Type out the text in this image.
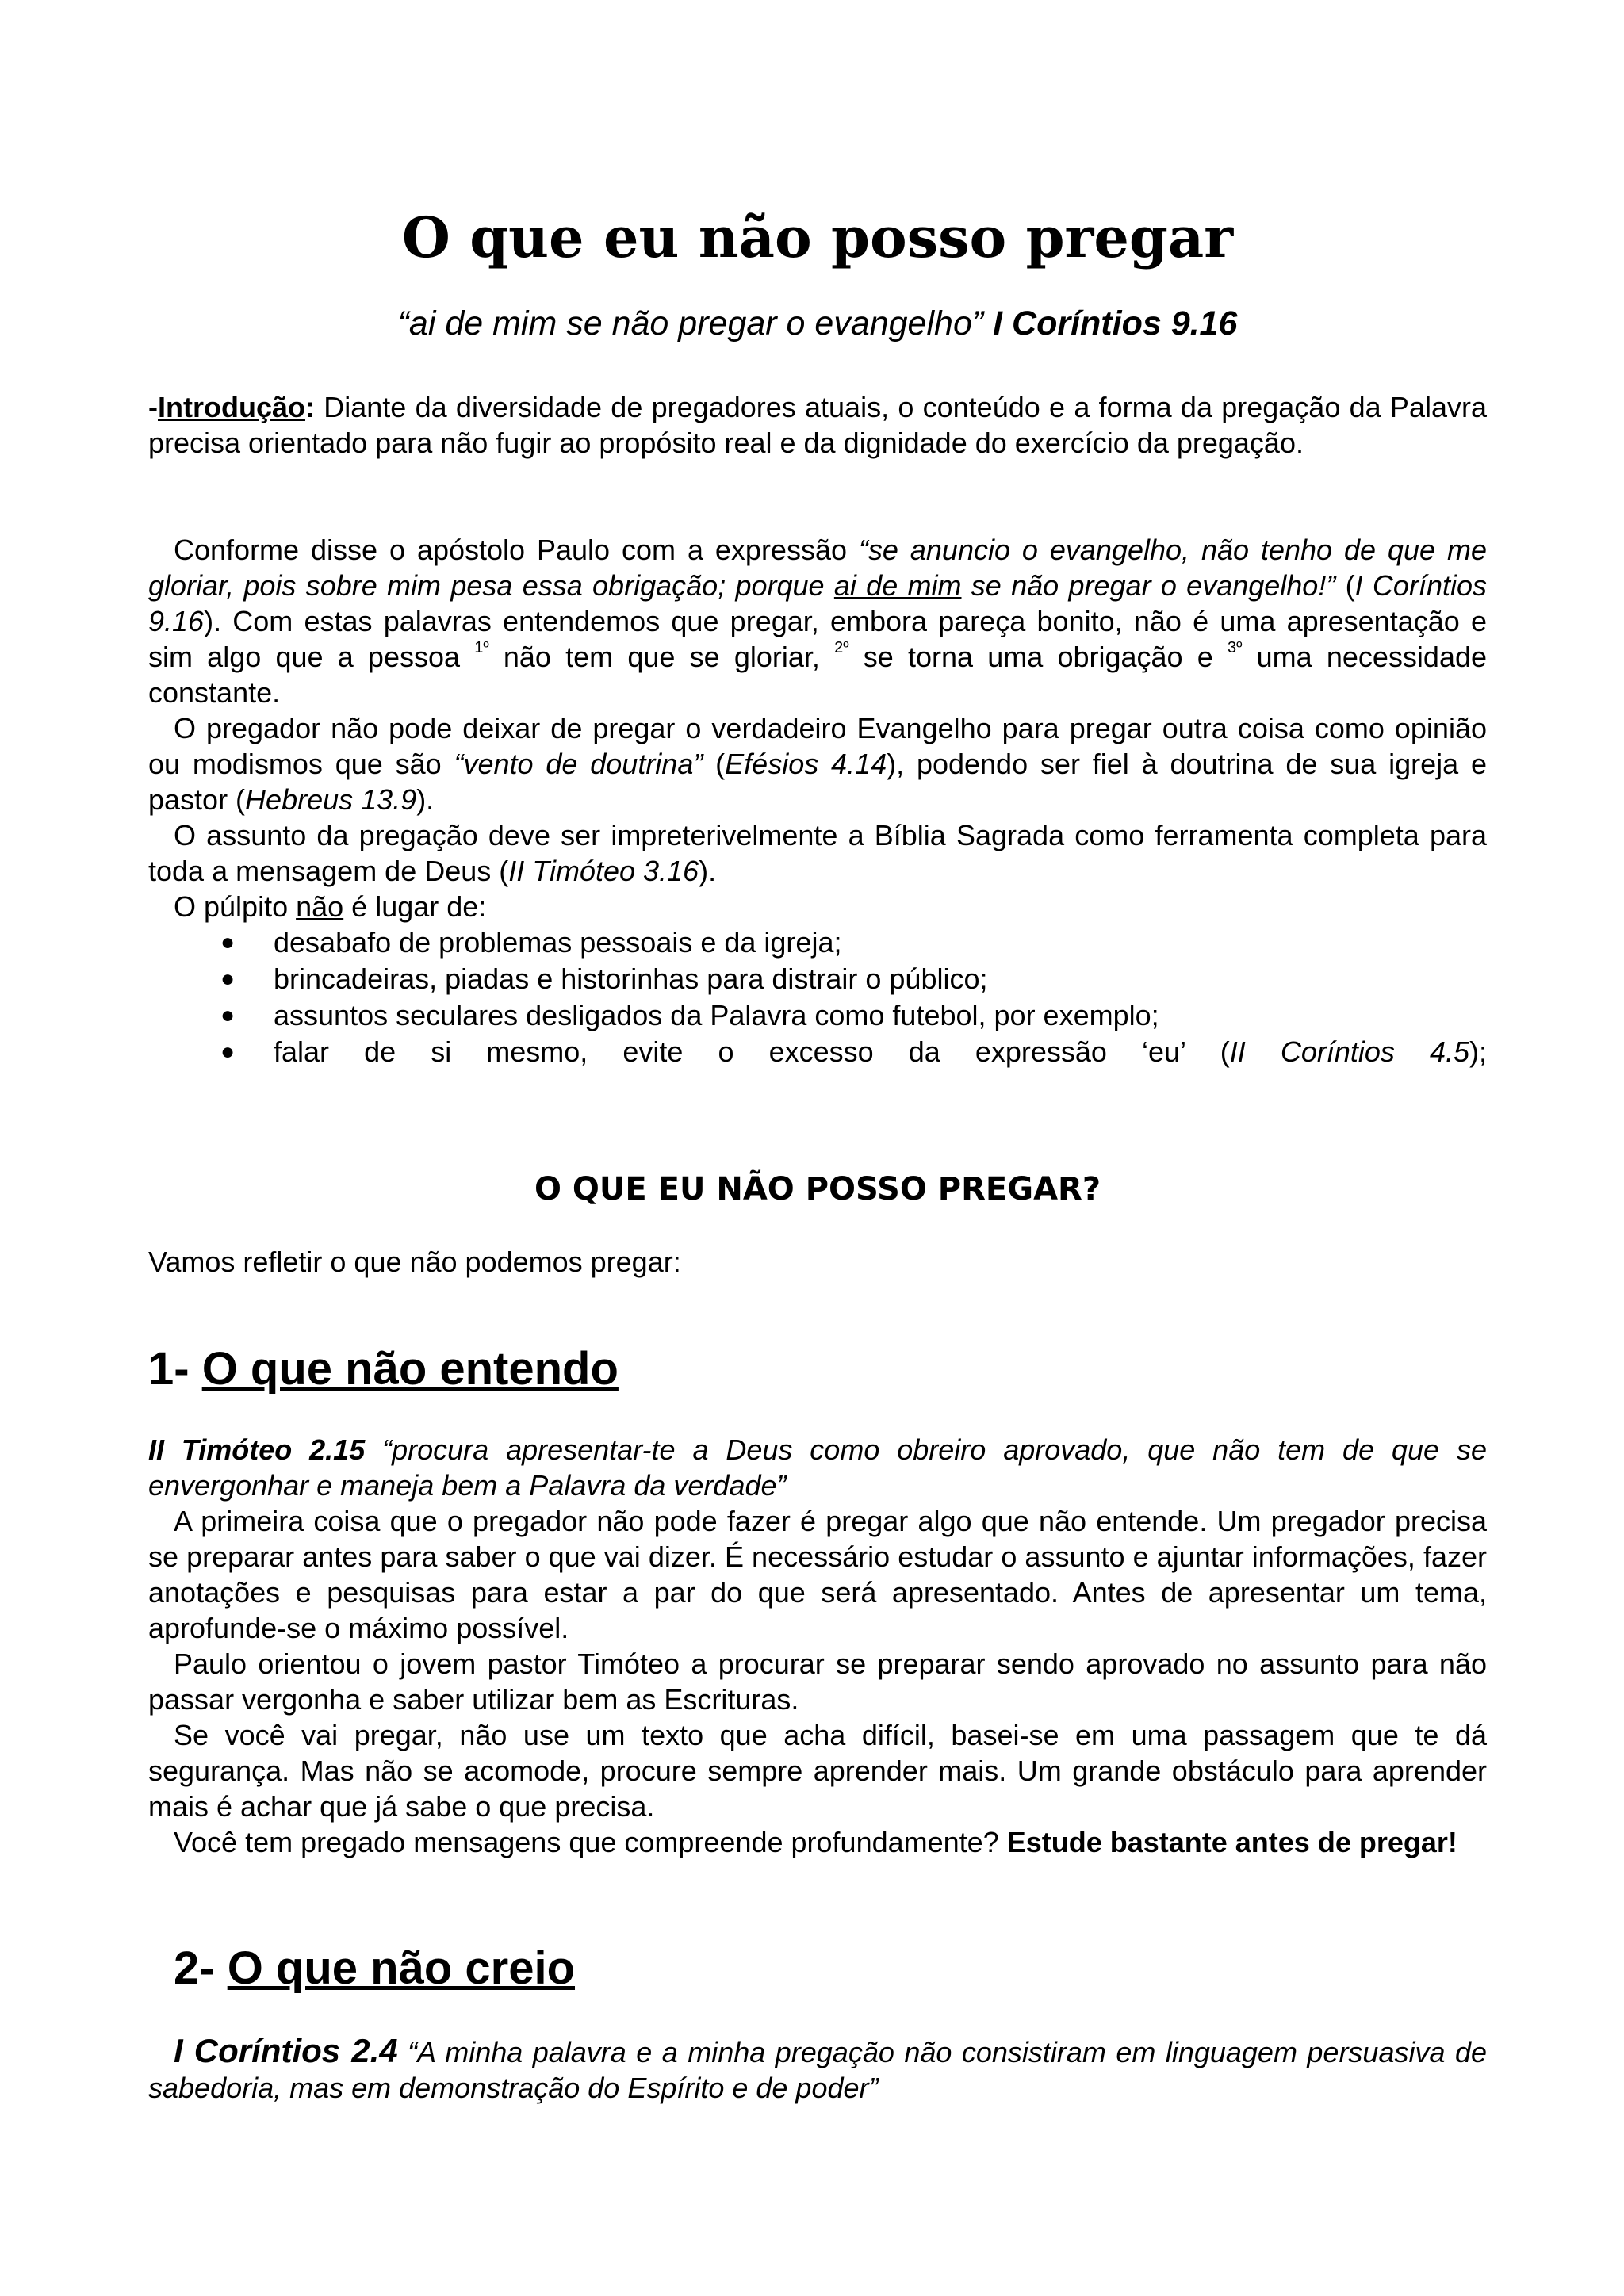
O que eu não posso pregar
“ai de mim se não pregar o evangelho” I Coríntios 9.16

-Introdução: Diante da diversidade de pregadores atuais, o conteúdo e a forma da pregação da Palavra precisa orientado para não fugir ao propósito real e da dignidade do exercício da pregação.

Conforme disse o apóstolo Paulo com a expressão “se anuncio o evangelho, não tenho de que me gloriar, pois sobre mim pesa essa obrigação; porque ai de mim se não pregar o evangelho!” (I Coríntios 9.16). Com estas palavras entendemos que pregar, embora pareça bonito, não é uma apresentação e sim algo que a pessoa $^{1º}$ não tem que se gloriar, $^{2º}$ se torna uma obrigação e $^{3º}$ uma necessidade constante.

O pregador não pode deixar de pregar o verdadeiro Evangelho para pregar outra coisa como opinião ou modismos que são “vento de doutrina” (Efésios 4.14), podendo ser fiel à doutrina de sua igreja e pastor (Hebreus 13.9).

O assunto da pregação deve ser impreterivelmente a Bíblia Sagrada como ferramenta completa para toda a mensagem de Deus (II Timóteo 3.16).

O púlpito não é lugar de:

● desabafo de problemas pessoais e da igreja;
● brincadeiras, piadas e historinhas para distrair o público;
● assuntos seculares desligados da Palavra como futebol, por exemplo;
● falar de si mesmo, evite o excesso da expressão ‘eu’ (II Coríntios 4.5);
O QUE EU NÃO POSSO PREGAR?

Vamos refletir o que não podemos pregar:

1- O que não entendo

II Timóteo 2.15 “procura apresentar-te a Deus como obreiro aprovado, que não tem de que se envergonhar e maneja bem a Palavra da verdade”

A primeira coisa que o pregador não pode fazer é pregar algo que não entende. Um pregador precisa se preparar antes para saber o que vai dizer. É necessário estudar o assunto e ajuntar informações, fazer anotações e pesquisas para estar a par do que será apresentado. Antes de apresentar um tema, aprofunde-se o máximo possível.

Paulo orientou o jovem pastor Timóteo a procurar se preparar sendo aprovado no assunto para não passar vergonha e saber utilizar bem as Escrituras.

Se você vai pregar, não use um texto que acha difícil, basei-se em uma passagem que te dá segurança. Mas não se acomode, procure sempre aprender mais. Um grande obstáculo para aprender mais é achar que já sabe o que precisa.

Você tem pregado mensagens que compreende profundamente? Estude bastante antes de pregar!

2- O que não creio

I Coríntios 2.4 “A minha palavra e a minha pregação não consistiram em linguagem persuasiva de sabedoria, mas em demonstração do Espírito e de poder”
